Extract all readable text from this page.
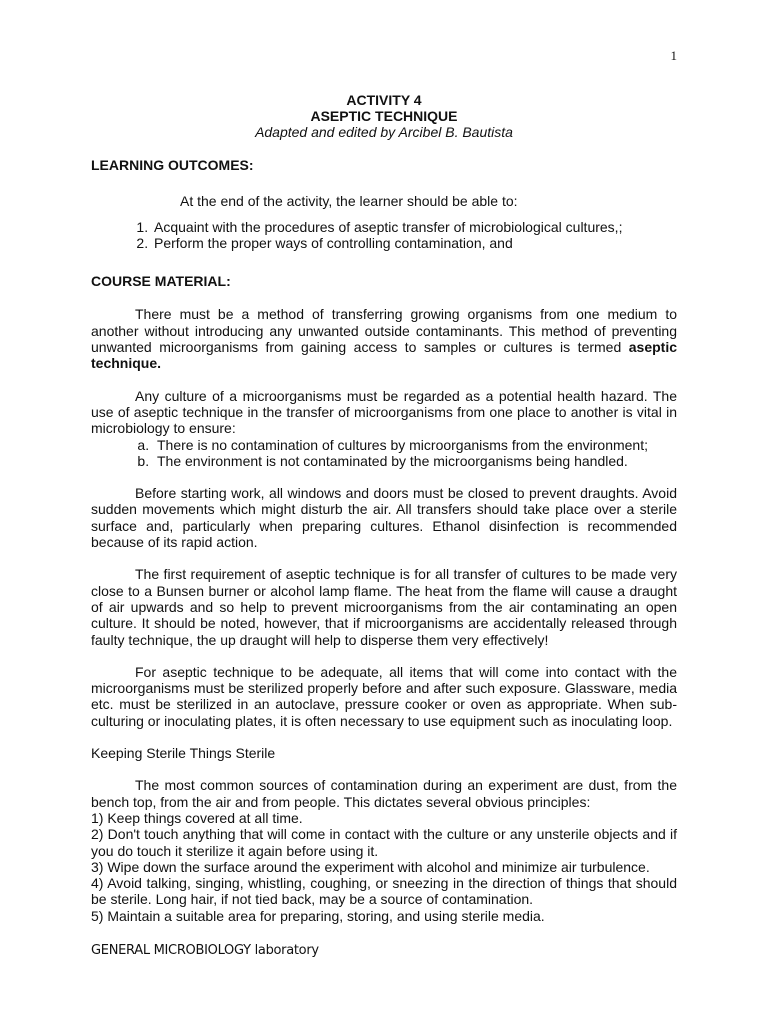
1
ACTIVITY 4
ASEPTIC TECHNIQUE
Adapted and edited by Arcibel B. Bautista
LEARNING OUTCOMES:

At the end of the activity, the learner should be able to:

1. Acquaint with the procedures of aseptic transfer of microbiological cultures,;
2. Perform the proper ways of controlling contamination, and
COURSE MATERIAL:

There must be a method of transferring growing organisms from one medium to another without introducing any unwanted outside contaminants. This method of preventing unwanted microorganisms from gaining access to samples or cultures is termed aseptic technique.

Any culture of a microorganisms must be regarded as a potential health hazard. The use of aseptic technique in the transfer of microorganisms from one place to another is vital in microbiology to ensure:

a. There is no contamination of cultures by microorganisms from the environment;
b. The environment is not contaminated by the microorganisms being handled.

Before starting work, all windows and doors must be closed to prevent draughts. Avoid sudden movements which might disturb the air. All transfers should take place over a sterile surface and, particularly when preparing cultures. Ethanol disinfection is recommended because of its rapid action.

The first requirement of aseptic technique is for all transfer of cultures to be made very close to a Bunsen burner or alcohol lamp flame. The heat from the flame will cause a draught of air upwards and so help to prevent microorganisms from the air contaminating an open culture. It should be noted, however, that if microorganisms are accidentally released through faulty technique, the up draught will help to disperse them very effectively!

For aseptic technique to be adequate, all items that will come into contact with the microorganisms must be sterilized properly before and after such exposure. Glassware, media etc. must be sterilized in an autoclave, pressure cooker or oven as appropriate. When sub-culturing or inoculating plates, it is often necessary to use equipment such as inoculating loop.

Keeping Sterile Things Sterile

The most common sources of contamination during an experiment are dust, from the bench top, from the air and from people. This dictates several obvious principles:

1) Keep things covered at all time.

2) Don't touch anything that will come in contact with the culture or any unsterile objects and if you do touch it sterilize it again before using it.

3) Wipe down the surface around the experiment with alcohol and minimize air turbulence.

4) Avoid talking, singing, whistling, coughing, or sneezing in the direction of things that should be sterile. Long hair, if not tied back, may be a source of contamination.

5) Maintain a suitable area for preparing, storing, and using sterile media.

GENERAL MICROBIOLOGY laboratory
